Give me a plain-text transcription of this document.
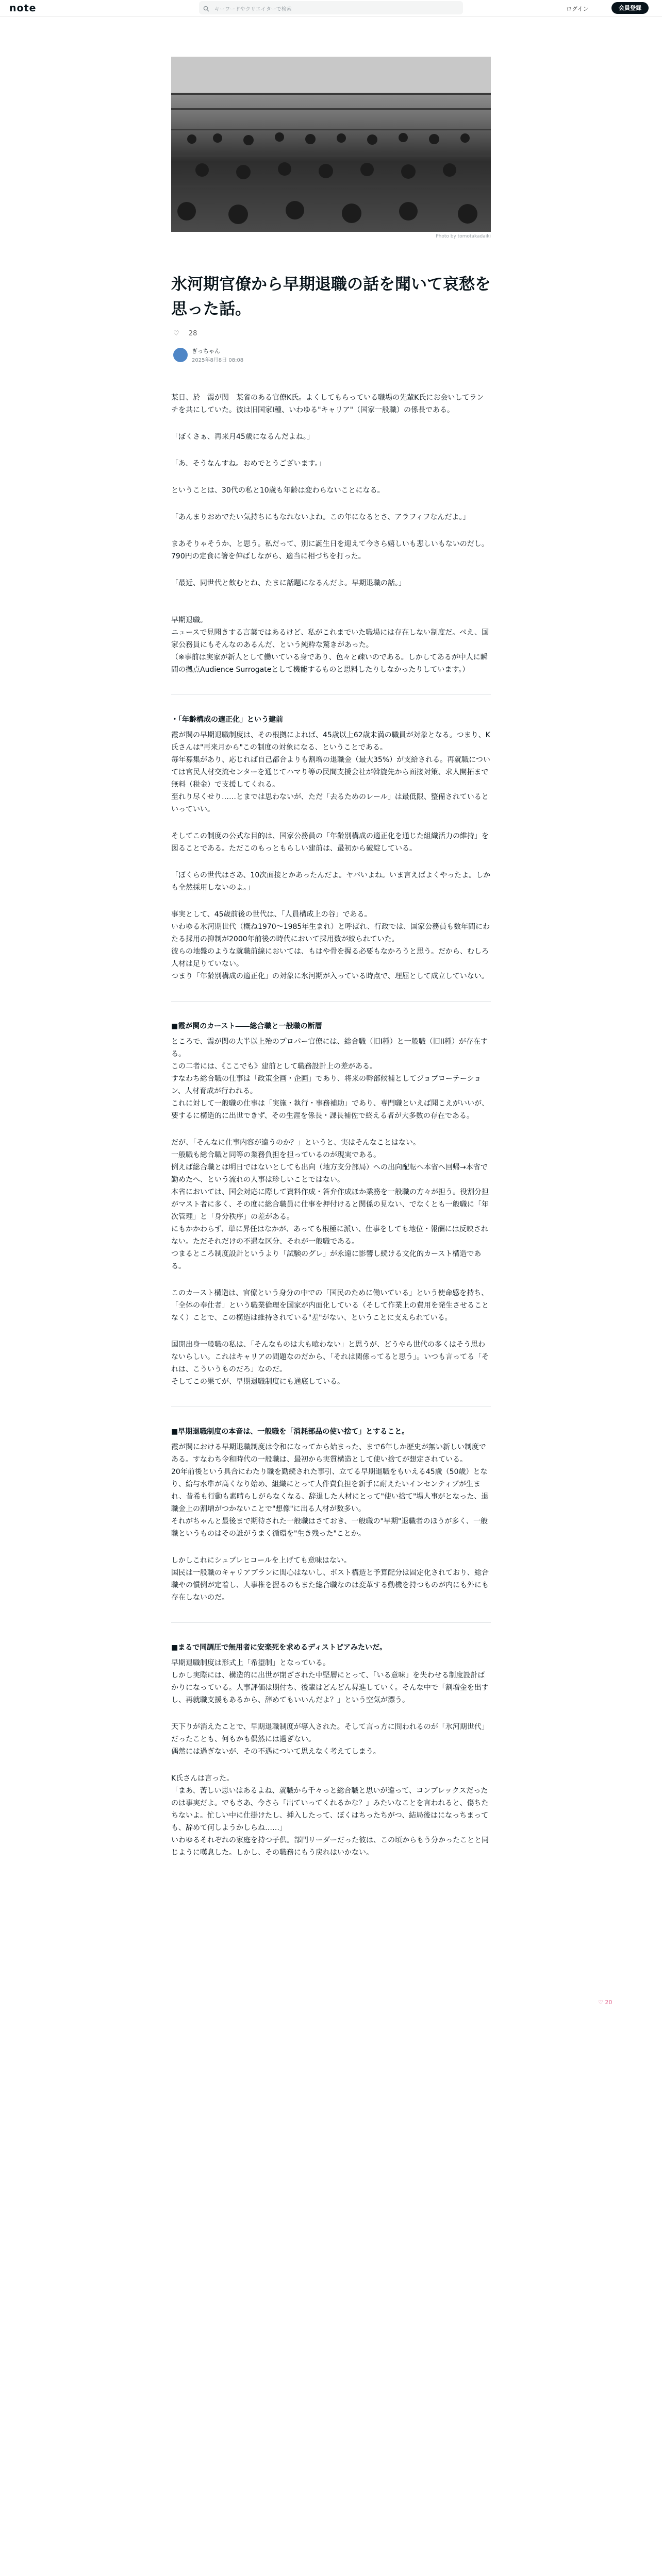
note	キーワードやクリエイターで検索	ログイン	会員登録
Photo by tomotakadaiki
氷河期官僚から早期退職の話を聞いて哀愁を思った話。
♡ 28
ぎっちゃん
2025年8月8日 08:08

某日、於　霞が関　某省のある官僚K氏。よくしてもらっている職場の先輩K氏にお会いしてランチを共にしていた。彼は旧国家I種、いわゆる"キャリア"（国家一般職）の係長である。

「ぼくさぁ、再来月45歳になるんだよね。」

「あ、そうなんすね。おめでとうございます。」

ということは、30代の私と10歳も年齢は変わらないことになる。

「あんまりおめでたい気持ちにもなれないよね。この年になるとさ、アラフィフなんだよ。」

まあそりゃそうか、と思う。私だって、別に誕生日を迎えて今さら嬉しいも悲しいもないのだし。790円の定食に箸を伸ばしながら、適当に相づちを打った。

「最近、同世代と飲むとね、たまに話題になるんだよ。早期退職の話。」

早期退職。
ニュースで見聞きする言葉ではあるけど、私がこれまでいた職場には存在しない制度だ。ぺえ、国家公務員にもそんなのあるんだ、という純粋な驚きがあった。
（※事前は実家が新人として働いている身であり、色々と疎いのである。しかしてあるが中人に瞬間の拠点Audience Surrogateとして機能するものと思料したりしなかったりしています。）

・「年齢構成の適正化」という建前

霞が関の早期退職制度は、その根拠によれば、45歳以上62歳未満の職員が対象となる。つまり、K氏さんは"再来月から"この制度の対象になる、ということである。
毎年募集があり、応じれば自己都合よりも割増の退職金（最大35%）が支給される。再就職については官民人材交流センターを通じてハマり等の民間支援会社が斡旋先から面接対策、求人開拓まで無料（税金）で支援してくれる。
至れり尽くせり……とまでは思わないが、ただ「去るためのレール」は最低限、整備されているといっていい。

そしてこの制度の公式な目的は、国家公務員の「年齢別構成の適正化を通じた組織活力の維持」を図ることである。ただこのもっともらしい建前は、最初から破綻している。

「ぼくらの世代はさあ、10次面接とかあったんだよ。ヤバいよね。いま言えばよくやったよ。しかも全然採用しないのよ。」

事実として、45歳前後の世代は、「人員構成上の谷」である。
いわゆる氷河期世代（概ね1970〜1985年生まれ）と呼ばれ、行政では、国家公務員も数年間にわたる採用の抑制が2000年前後の時代において採用数が絞られていた。
彼らの地盤のような就職前線においては、もはや骨を握る必要もなかろうと思う。だから、むしろ人材は足りていない。
つまり「年齢別構成の適正化」の対象に氷河期が入っている時点で、理屈として成立していない。

■霞が関のカースト――総合職と一般職の断層

ところで、霞が関の大半以上殆のプロパー官僚には、総合職（旧I種）と一般職（旧II種）が存在する。
この二者には、《ここでも》建前として職務設計上の差がある。
すなわち総合職の仕事は「政策企画・企画」であり、将来の幹部候補としてジョブローテーション、人材育成が行われる。
これに対して一般職の仕事は「実施・執行・事務補助」であり、専門職といえば聞こえがいいが、要するに構造的に出世できず、その生涯を係長・課長補佐で終える者が大多数の存在である。

だが、「そんなに仕事内容が違うのか？」というと、実はそんなことはない。
一般職も総合職と同等の業務負担を担っているのが現実である。
例えば総合職とは明日ではないとしても出向（地方支分部局）への出向配転へ本省へ回帰→本省で勤めたへ、という流れの人事は珍しいことではない。
本省においては、国会対応に際して資料作成・答弁作成ほか業務を一般職の方々が担う。役割分担がマスト者に多く、その度に総合職員に仕事を押付けると関係の見ない、でなくとも一般職に「年次管理」と「身分秩序」の差がある。
にもかかわらず、単に昇任はなかが、あっても根極に派い、仕事をしても地位・報酬には反映されない。ただそれだけの不遇な区分、それが一般職である。
つまるところ制度設計というより「試験のグレ」が永遠に影響し続ける文化的カースト構造である。

このカースト構造は、官僚という身分の中での「国民のために働いている」という使命感を持ち、「全体の奉仕者」という職業倫理を国家が内面化している（そして作業上の費用を発生させることなく）ことで、この構造は維持されている"差"がない、ということに支えられている。

国開出身一般職の私は、「そんなものは大も喰わない」と思うが、どうやら世代の多くはそう思わないらしい。これはキャリアの問題なのだから、「それは関係ってると思う」。いつも言ってる「それは、こういうものだろ」なのだ。
そしてこの果てが、早期退職制度にも通底している。

■早期退職制度の本音は、一般職を「消耗部品の使い捨て」とすること。

霞が関における早期退職制度は令和になってから始まった、まで6年しか歴史が無い新しい制度である。すなわち令和時代の一般職は、最初から実質構造として使い捨てが想定されている。
20年前後という具合にわたり職を勤続された事引、立てる早期退職をもいえる45歳（50歳）となり、給与水準が高くなり始め、組織にとって人件費負担を新手に耐えたいインセンティブが生まれ、昔希も行動も素晴らしがらなくなる、辞退した人材にとって"使い捨て"場人事がとなった、退職金上の割増がつかないことで"想像"に出る人材が数多い。
それがちゃんと最後まで期待された一般職はさておき、一般職の"早期"退職者のほうが多く、一般職というものはその誰がうまく循環を"生き残った"ことか。

しかしこれにシュブレヒコールを上げても意味はない。
国民は一般職のキャリアプランに関心はないし、ポスト構造と予算配分は固定化されており、総合職やの慣例が定着し、人事権を握るのもまた総合職なのは変革する動機を持つものが内にも外にも存在しないのだ。

■まるで同調圧で無用者に安楽死を求めるディストピアみたいだ。

早期退職制度は形式上「希望制」となっている。
しかし実際には、構造的に出世が閉ざされた中堅層にとって、「いる意味」を失わせる制度設計ばかりになっている。人事評価は期付ち、後輩はどんどん昇進していく。そんな中で「割増金を出すし、再就職支援もあるから、辞めてもいいんだよ？」という空気が漂う。

天下りが消えたことで、早期退職制度が導入された。そして言っ方に問われるのが「氷河期世代」だったことも、何もかも偶然には過ぎない。
偶然には過ぎないが、その不遇について思えなく考えてしまう。

K氏さんは言った。
「まあ、苦しい思いはあるよね、就職から千々っと総合職と思いが違って、コンプレックスだったのは事実だよ。でもさあ、今さら「出ていってくれるかな？」みたいなことを言われると、傷ちたちないよ。忙しい中に仕掛けたし、挿入したって、ぼくはちったちがつ、結局後はになっちまっても、辞めて何しようかしらね……」
いわゆるそれぞれの家庭を持つ子供。部門リーダーだった彼は、この頃からもう分かったことと同じように嘆息した。しかし、その職務にもう戻れはいかない。

♡ 20
